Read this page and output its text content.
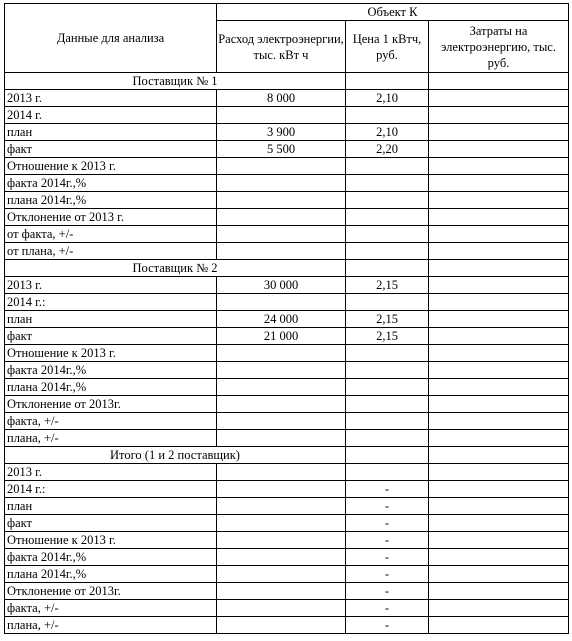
Данные для анализа	Объект К		
	Расход электроэнергии, тыс. кВт ч	Цена 1 кВтч, руб.	Затраты на электроэнергию, тыс. руб.
Поставщик № 1			
2013 г.	8 000	2,10	
2014 г.			
план	3 900	2,10	
факт	5 500	2,20	
Отношение к 2013 г.			
факта 2014г.,%			
плана 2014г.,%			
Отклонение от 2013 г.			
от факта, +/-			
от плана, +/-			
Поставщик № 2			
2013 г.	30 000	2,15	
2014 г.:			
план	24 000	2,15	
факт	21 000	2,15	
Отношение к 2013 г.			
факта 2014г.,%			
плана 2014г.,%			
Отклонение от 2013г.			
факта, +/-			
плана, +/-			
Итого (1 и 2 поставщик)			
2013 г.			
2014 г.:		-	
план		-	
факт		-	
Отношение к 2013 г.		-	
факта 2014г.,%		-	
плана 2014г.,%		-	
Отклонение от 2013г.		-	
факта, +/-		-	
плана, +/-		-	
